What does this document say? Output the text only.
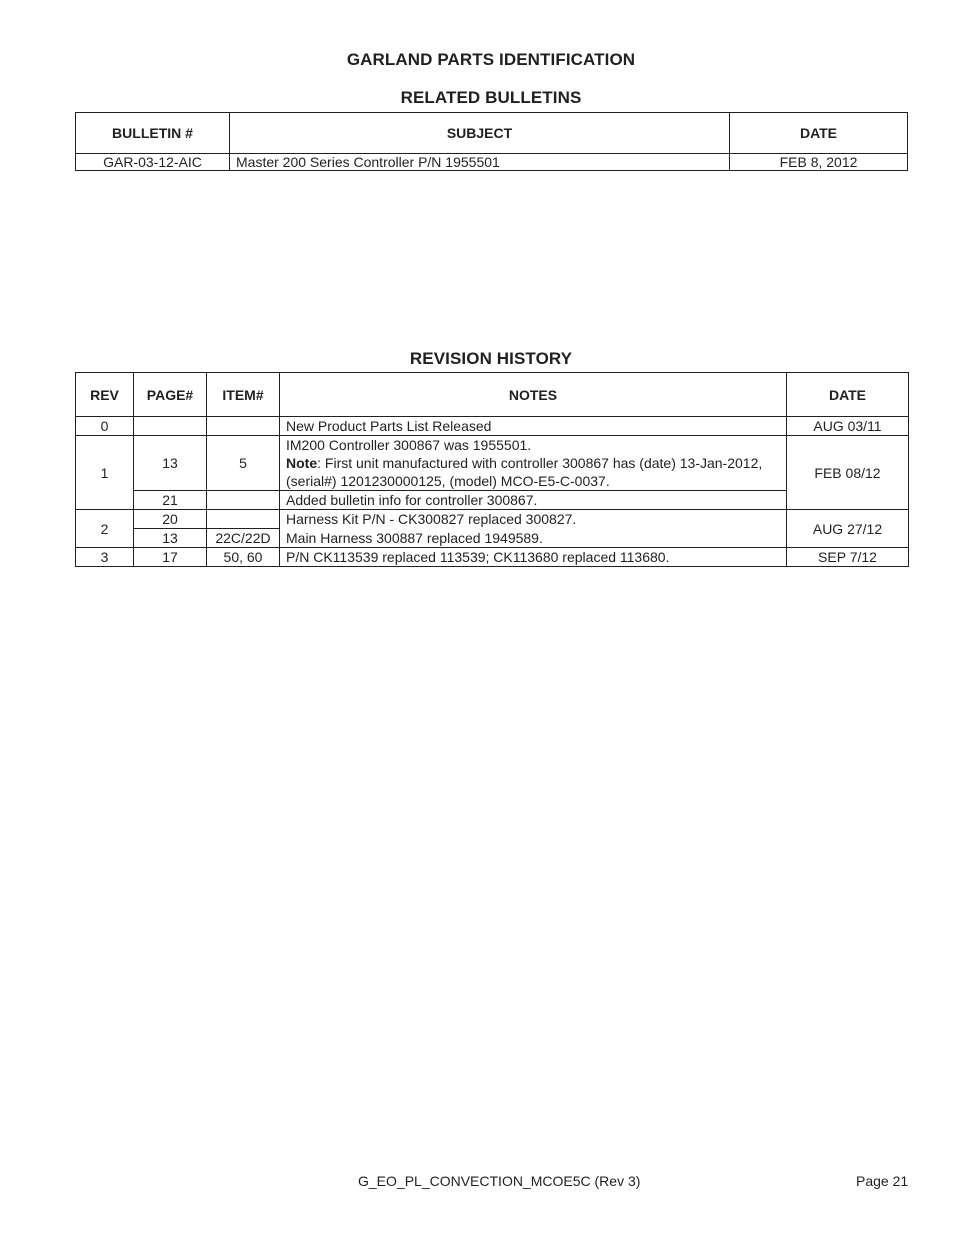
GARLAND PARTS IDENTIFICATION
RELATED BULLETINS
BULLETIN #	SUBJECT	DATE
GAR-03-12-AIC	Master 200 Series Controller P/N 1955501	FEB 8, 2012
REVISION HISTORY
REV	PAGE#	ITEM#	NOTES	DATE
0			New Product Parts List Released	AUG 03/11
1	13	5	IM200 Controller 300867 was 1955501.
Note: First unit manufactured with controller 300867 has (date) 13-Jan-2012, (serial#) 1201230000125, (model) MCO-E5-C-0037.	FEB 08/12
	21		Added bulletin info for controller 300867.	
2	20		Harness Kit P/N - CK300827 replaced 300827.	AUG 27/12
	13	22C/22D	Main Harness 300887 replaced 1949589.	
3	17	50, 60	P/N CK113539 replaced 113539; CK113680 replaced 113680.	SEP 7/12
G_EO_PL_CONVECTION_MCOE5C (Rev 3)	Page 21
